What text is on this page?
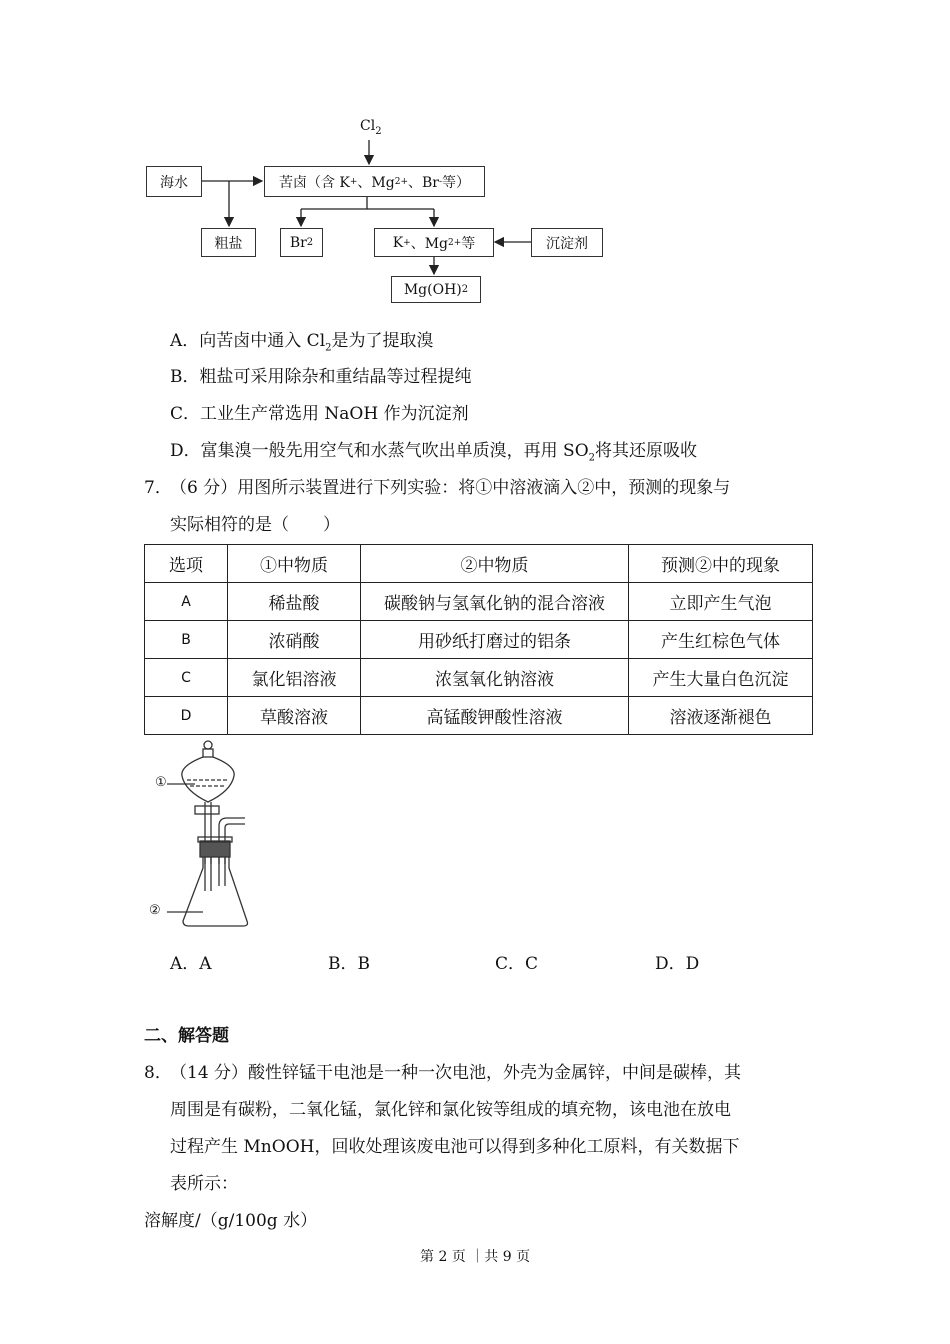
$Cl_2$
海水	苦卤（含 K + 、Mg 2+ 、Br - 等）
粗盐	Br 2	K + 、Mg 2+ 等	沉淀剂
Mg(OH) 2
A．向苦卤中通入 $Cl_2$是为了提取溴
B．粗盐可采用除杂和重结晶等过程提纯
C．工业生产常选用 NaOH 作为沉淀剂
D．富集溴一般先用空气和水蒸气吹出单质溴，再用 $SO_2$将其还原吸收
7．
（6 分）用图所示装置进行下列实验：将①中溶液滴入②中，预测的现象与
实际相符的是（　　）
选项	①中物质	②中物质	预测②中的现象
A	稀盐酸	碳酸钠与氢氧化钠的混合溶液	立即产生气泡
B	浓硝酸	用砂纸打磨过的铝条	产生红棕色气体
C	氯化铝溶液	浓氢氧化钠溶液	产生大量白色沉淀
D	草酸溶液	高锰酸钾酸性溶液	溶液逐渐褪色
①
②
A．A	B．B	C．C	D．D
二、解答题
8．
（14 分）酸性锌锰干电池是一种一次电池，外壳为金属锌，中间是碳棒，其
周围是有碳粉，二氧化锰，氯化锌和氯化铵等组成的填充物，该电池在放电
过程产生 MnOOH，回收处理该废电池可以得到多种化工原料，有关数据下
表所示：
溶解度/（g/100g 水）
第 2 页 ｜共 9 页
